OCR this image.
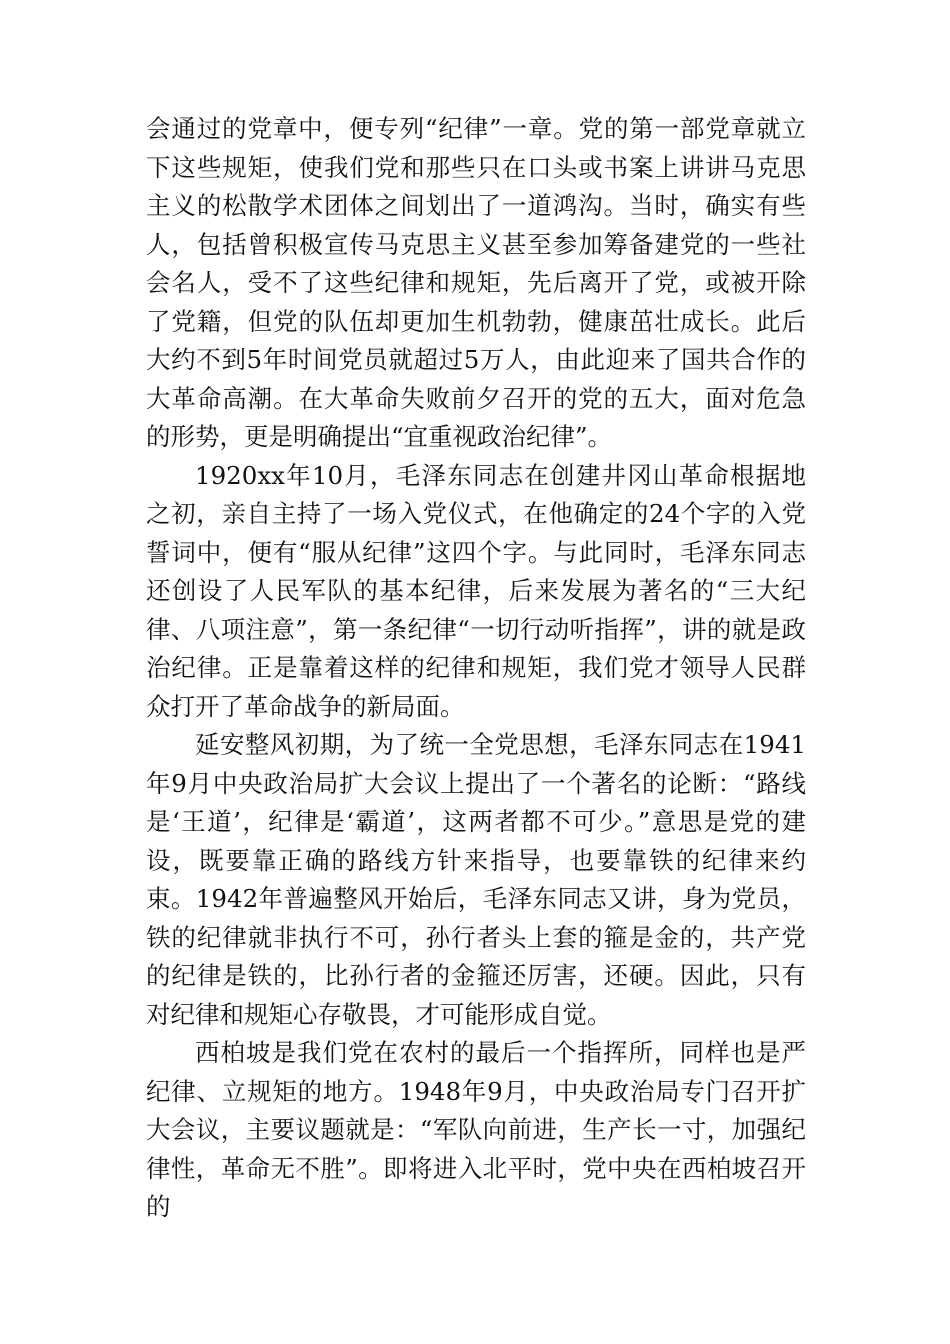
会通过的党章中，便专列“纪律”一章。党的第一部党章就立下这些规矩，使我们党和那些只在口头或书案上讲讲马克思主义的松散学术团体之间划出了一道鸿沟。当时，确实有些人，包括曾积极宣传马克思主义甚至参加筹备建党的一些社会名人，受不了这些纪律和规矩，先后离开了党，或被开除了党籍，但党的队伍却更加生机勃勃，健康茁壮成长。此后大约不到5年时间党员就超过5万人，由此迎来了国共合作的大革命高潮。在大革命失败前夕召开的党的五大，面对危急的形势，更是明确提出“宜重视政治纪律”。

1920xx年10月，毛泽东同志在创建井冈山革命根据地之初，亲自主持了一场入党仪式，在他确定的24个字的入党誓词中，便有“服从纪律”这四个字。与此同时，毛泽东同志还创设了人民军队的基本纪律，后来发展为著名的“三大纪律、八项注意”，第一条纪律“一切行动听指挥”，讲的就是政治纪律。正是靠着这样的纪律和规矩，我们党才领导人民群众打开了革命战争的新局面。

延安整风初期，为了统一全党思想，毛泽东同志在1941年9月中央政治局扩大会议上提出了一个著名的论断：“路线是‘王道’，纪律是‘霸道’，这两者都不可少。”意思是党的建设，既要靠正确的路线方针来指导，也要靠铁的纪律来约束。1942年普遍整风开始后，毛泽东同志又讲，身为党员，铁的纪律就非执行不可，孙行者头上套的箍是金的，共产党的纪律是铁的，比孙行者的金箍还厉害，还硬。因此，只有对纪律和规矩心存敬畏，才可能形成自觉。

西柏坡是我们党在农村的最后一个指挥所，同样也是严纪律、立规矩的地方。1948年9月，中央政治局专门召开扩大会议，主要议题就是：“军队向前进，生产长一寸，加强纪律性，革命无不胜”。即将进入北平时，党中央在西柏坡召开的
